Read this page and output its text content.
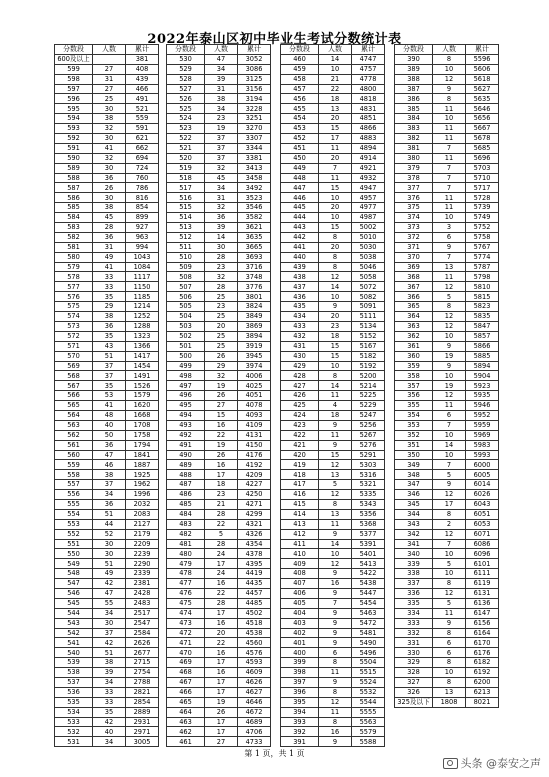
2022年泰山区初中毕业生考试分数统计表
分数段	人数	累计
600及以上		381
599	27	408
598	31	439
597	27	466
596	25	491
595	30	521
594	38	559
593	32	591
592	30	621
591	41	662
590	32	694
589	30	724
588	36	760
587	26	786
586	30	816
585	38	854
584	45	899
583	28	927
582	36	963
581	31	994
580	49	1043
579	41	1084
578	33	1117
577	33	1150
576	35	1185
575	29	1214
574	38	1252
573	36	1288
572	35	1323
571	43	1366
570	51	1417
569	37	1454
568	37	1491
567	35	1526
566	53	1579
565	41	1620
564	48	1668
563	40	1708
562	50	1758
561	36	1794
560	47	1841
559	46	1887
558	38	1925
557	37	1962
556	34	1996
555	36	2032
554	51	2083
553	44	2127
552	52	2179
551	30	2209
550	30	2239
549	51	2290
548	49	2339
547	42	2381
546	47	2428
545	55	2483
544	34	2517
543	30	2547
542	37	2584
541	42	2626
540	51	2677
539	38	2715
538	39	2754
537	34	2788
536	33	2821
535	33	2854
534	35	2889
533	42	2931
532	40	2971
531	34	3005
分数段	人数	累计
530	47	3052
529	34	3086
528	39	3125
527	31	3156
526	38	3194
525	34	3228
524	23	3251
523	19	3270
522	37	3307
521	37	3344
520	37	3381
519	32	3413
518	45	3458
517	34	3492
516	31	3523
515	32	3546
514	36	3582
513	39	3621
512	14	3635
511	30	3665
510	28	3693
509	23	3716
508	32	3748
507	28	3776
506	25	3801
505	23	3824
504	25	3849
503	20	3869
502	25	3894
501	25	3919
500	26	3945
499	29	3974
498	32	4006
497	19	4025
496	26	4051
495	27	4078
494	15	4093
493	16	4109
492	22	4131
491	19	4150
490	26	4176
489	16	4192
488	17	4209
487	18	4227
486	23	4250
485	21	4271
484	28	4299
483	22	4321
482	5	4326
481	28	4354
480	24	4378
479	17	4395
478	24	4419
477	16	4435
476	22	4457
475	28	4485
474	17	4502
473	16	4518
472	20	4538
471	22	4560
470	16	4576
469	17	4593
468	16	4609
467	17	4626
466	17	4627
465	19	4646
464	26	4672
463	17	4689
462	17	4706
461	27	4733
分数段	人数	累计
460	14	4747
459	10	4757
458	21	4778
457	22	4800
456	18	4818
455	13	4831
454	20	4851
453	15	4866
452	17	4883
451	11	4894
450	20	4914
449	7	4921
448	11	4932
447	15	4947
446	10	4957
445	20	4977
444	10	4987
443	15	5002
442	8	5010
441	20	5030
440	8	5038
439	8	5046
438	12	5058
437	14	5072
436	10	5082
435	9	5091
434	20	5111
433	23	5134
432	18	5152
431	15	5167
430	15	5182
429	10	5192
428	8	5200
427	14	5214
426	11	5225
425	4	5229
424	18	5247
423	9	5256
422	11	5267
421	9	5276
420	15	5291
419	12	5303
418	13	5316
417	5	5321
416	12	5335
415	8	5343
414	13	5356
413	11	5368
412	9	5377
411	14	5391
410	10	5401
409	12	5413
408	9	5422
407	16	5438
406	9	5447
405	7	5454
404	9	5463
403	9	5472
402	9	5481
401	9	5490
400	6	5496
399	8	5504
398	11	5515
397	9	5524
396	8	5532
395	12	5544
394	11	5555
393	8	5563
392	16	5579
391	9	5588
分数段	人数	累计
390	8	5596
389	10	5606
388	12	5618
387	9	5627
386	8	5635
385	11	5646
384	10	5656
383	11	5667
382	11	5678
381	7	5685
380	11	5696
379	7	5703
378	7	5710
377	7	5717
376	11	5728
375	11	5739
374	10	5749
373	3	5752
372	6	5758
371	9	5767
370	7	5774
369	13	5787
368	11	5798
367	12	5810
366	5	5815
365	8	5823
364	12	5835
363	12	5847
362	10	5857
361	9	5866
360	19	5885
359	9	5894
358	10	5904
357	19	5923
356	12	5935
355	11	5946
354	6	5952
353	7	5959
352	10	5969
351	14	5983
350	10	5993
349	7	6000
348	5	6005
347	9	6014
346	12	6026
345	17	6043
344	8	6051
343	2	6053
342	12	6071
341	7	6086
340	10	6096
339	5	6101
338	10	6111
337	8	6119
336	12	6131
335	5	6136
334	11	6147
333	9	6156
332	8	6164
331	6	6170
330	6	6176
329	8	6182
328	10	6192
327	8	6200
326	13	6213
325及以下	1808	8021
第 1 页，共 1 页
头条 @泰安之声
